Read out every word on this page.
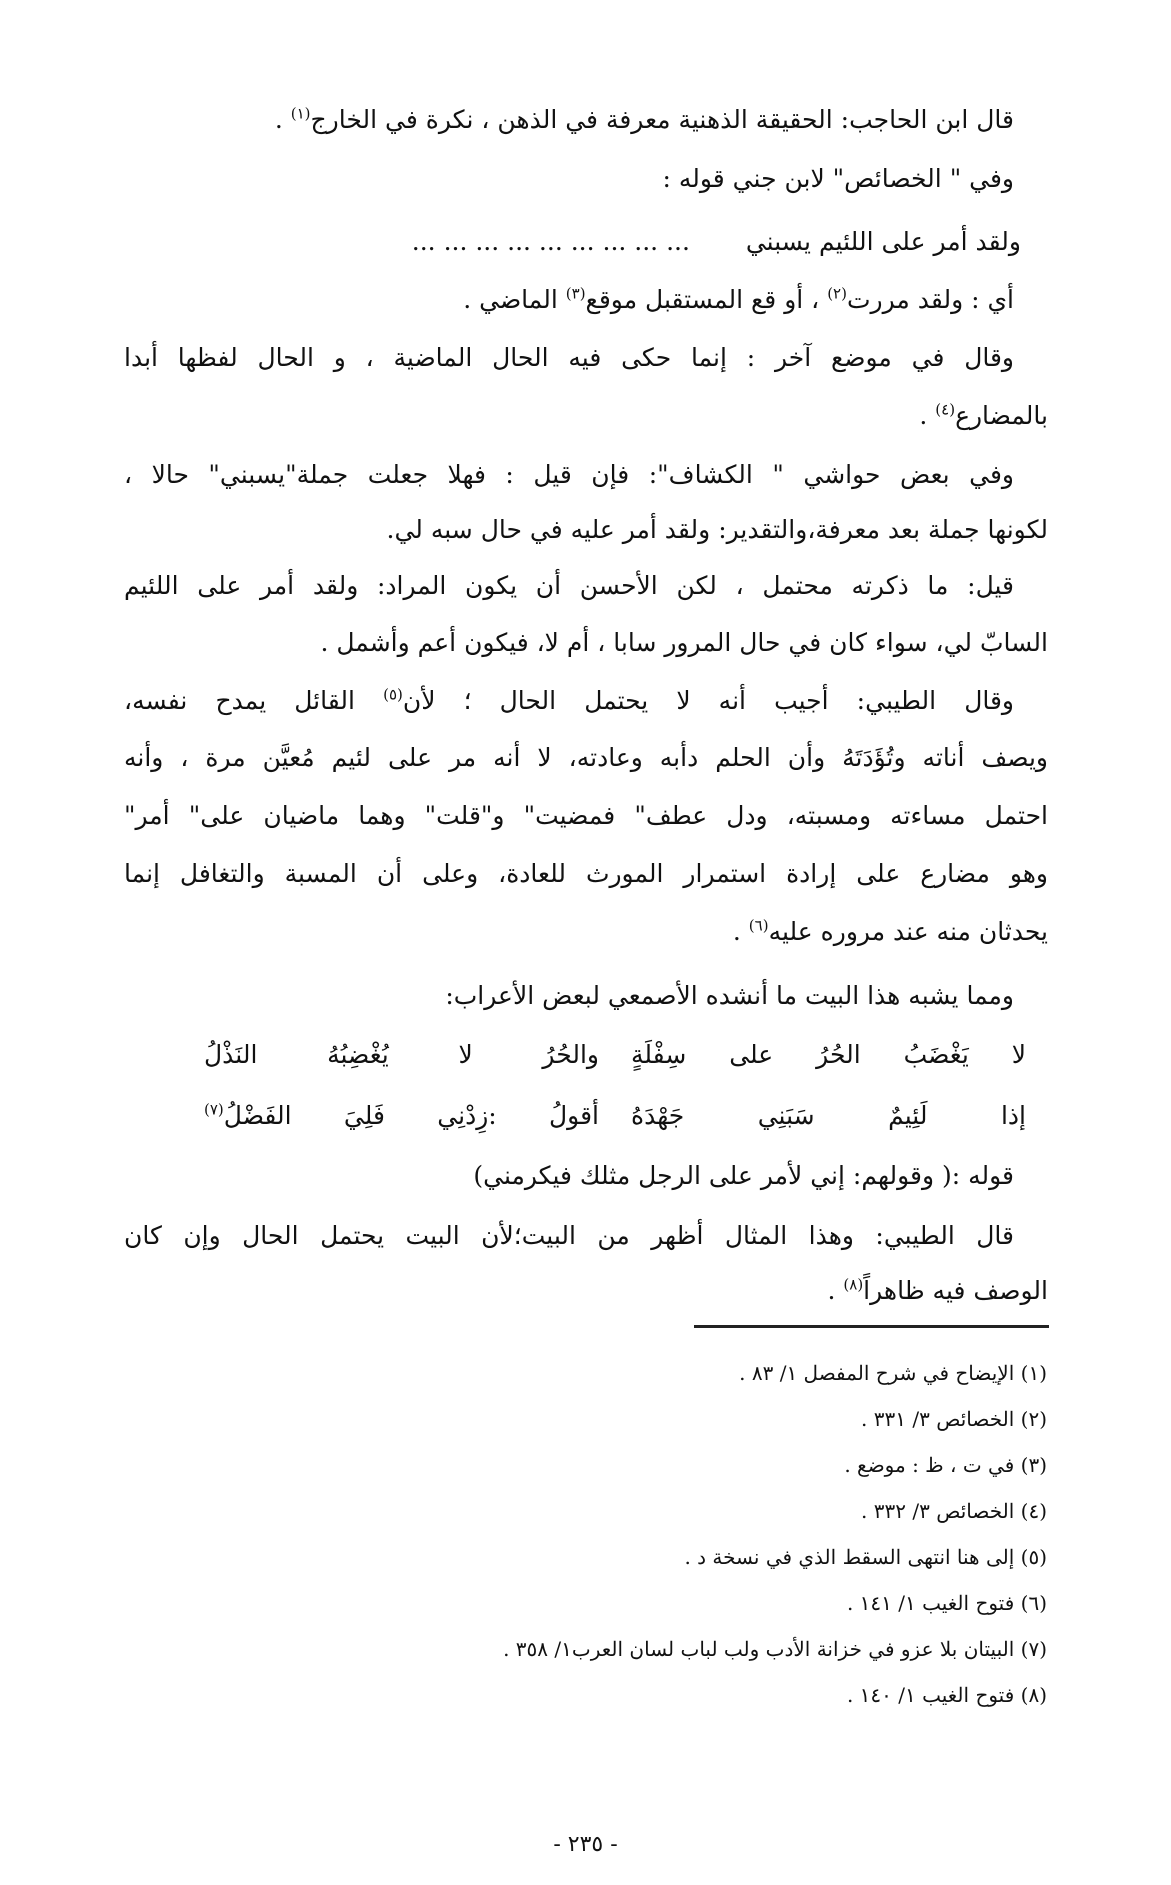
قال ابن الحاجب: الحقيقة الذهنية معرفة في الذهن ، نكرة في الخارج$^{(١)}$ .
وفي " الخصائص" لابن جني قوله :
ولقد أمر على اللئيم يسبني  ... ... ... ... ... ... ... ... ...
أي : ولقد مررت$^{(٢)}$ ، أو قع المستقبل موقع$^{(٣)}$ الماضي .
وقال في موضع آخر : إنما حكى فيه الحال الماضية ، و الحال لفظها أبدا
بالمضارع$^{(٤)}$ .
وفي بعض حواشي " الكشاف": فإن قيل : فهلا جعلت جملة"يسبني" حالا ،
لكونها جملة بعد معرفة،والتقدير: ولقد أمر عليه في حال سبه لي.
قيل: ما ذكرته محتمل ، لكن الأحسن أن يكون المراد: ولقد أمر على اللئيم
السابّ لي، سواء كان في حال المرور سابا ، أم لا، فيكون أعم وأشمل .
وقال الطيبي: أجيب أنه لا يحتمل الحال ؛ لأن$^{(٥)}$ القائل يمدح نفسه،
ويصف أناته وتُؤَدَتَهُ وأن الحلم دأبه وعادته، لا أنه مر على لئيم مُعيَّن مرة ، وأنه
احتمل مساءته ومسبته، ودل عطف" فمضيت" و"قلت" وهما ماضيان على" أمر"
وهو مضارع على إرادة استمرار المورث للعادة، وعلى أن المسبة والتغافل إنما
يحدثان منه عند مروره عليه$^{(٦)}$ .
ومما يشبه هذا البيت ما أنشده الأصمعي لبعض الأعراب:
لا يَغْضَبُ الحُرُ على سِفْلَةٍ
والحُرُ لا يُغْضِبُهُ النَذْلُ
إذا لَئِيمٌ سَبَنِي جَهْدَهُ
أقولُ :زِدْنِي فَلِيَ الفَضْلُ$^{(٧)}$
قوله :( وقولهم: إني لأمر على الرجل مثلك فيكرمني)
قال الطيبي: وهذا المثال أظهر من البيت؛لأن البيت يحتمل الحال وإن كان
الوصف فيه ظاهراً$^{(٨)}$ .
(١) الإيضاح في شرح المفصل ١/ ٨٣ .
(٢) الخصائص ٣/ ٣٣١ .
(٣) في ت ، ظ : موضع .
(٤) الخصائص ٣/ ٣٣٢ .
(٥) إلى هنا انتهى السقط الذي في نسخة د .
(٦) فتوح الغيب ١/ ١٤١ .
(٧) البيتان بلا عزو في خزانة الأدب ولب لباب لسان العرب١/ ٣٥٨ .
(٨) فتوح الغيب ١/ ١٤٠ .
- ٢٣٥ -
